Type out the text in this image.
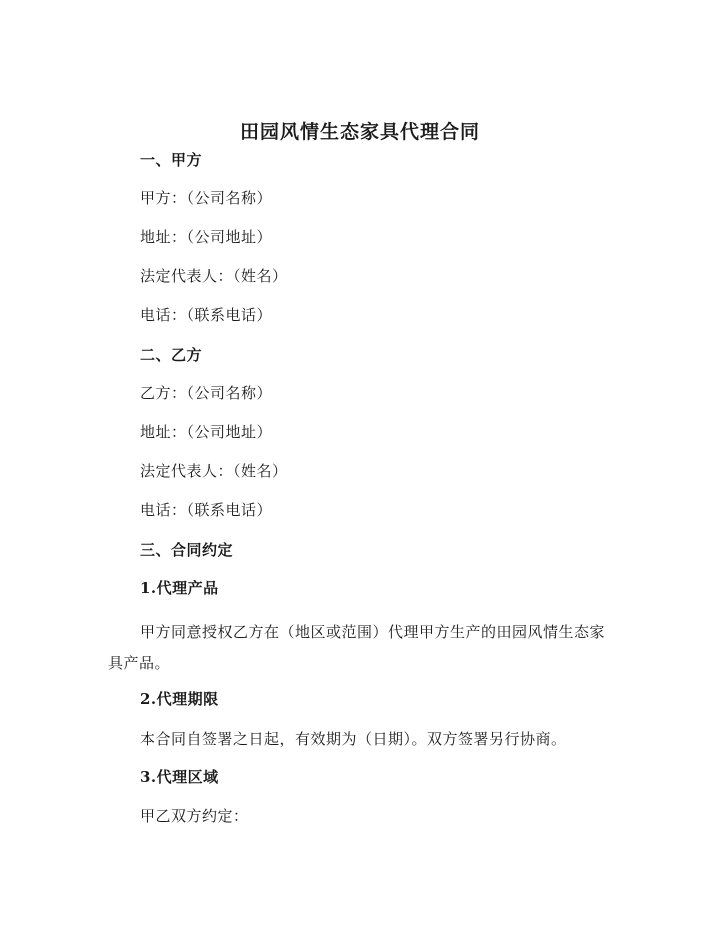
田园风情生态家具代理合同
一、甲方
甲方：（公司名称）
地址：（公司地址）
法定代表人：（姓名）
电话：（联系电话）
二、乙方
乙方：（公司名称）
地址：（公司地址）
法定代表人：（姓名）
电话：（联系电话）
三、合同约定
1.代理产品
甲方同意授权乙方在（地区或范围）代理甲方生产的田园风情生态家具产品。
2.代理期限
本合同自签署之日起，有效期为（日期）。双方签署另行协商。
3.代理区域
甲乙双方约定：
